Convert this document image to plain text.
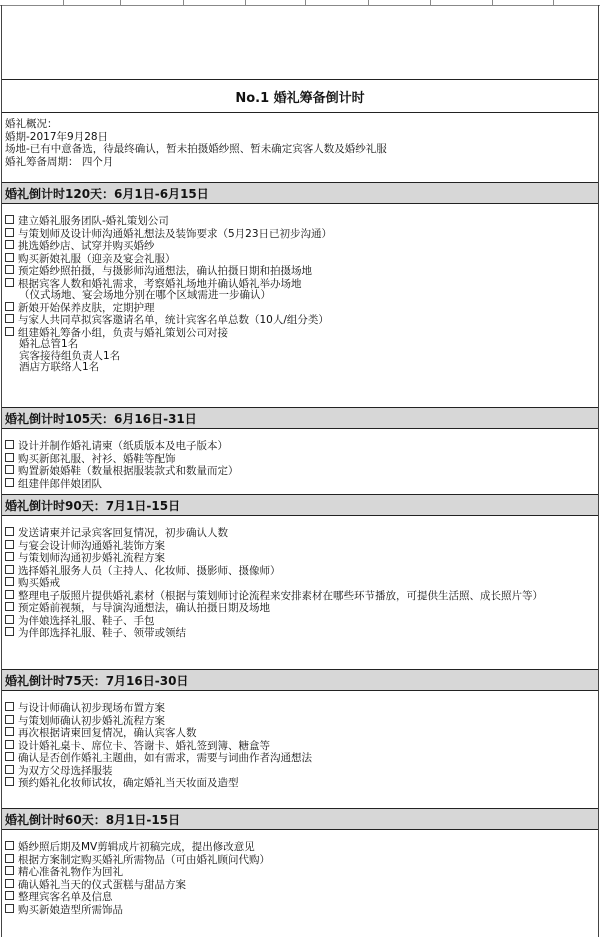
No.1 婚礼筹备倒计时
婚礼概况：
婚期-2017年9月28日
场地-已有中意备选，待最终确认，暂未拍摄婚纱照、暂未确定宾客人数及婚纱礼服
婚礼筹备周期： 四个月
婚礼倒计时120天：6月1日-6月15日
建立婚礼服务团队-婚礼策划公司
与策划师及设计师沟通婚礼想法及装饰要求（5月23日已初步沟通）
挑选婚纱店、试穿并购买婚纱
购买新娘礼服（迎亲及宴会礼服）
预定婚纱照拍摄，与摄影师沟通想法，确认拍摄日期和拍摄场地
根据宾客人数和婚礼需求，考察婚礼场地并确认婚礼举办场地
（仪式场地、宴会场地分别在哪个区域需进一步确认）
新娘开始保养皮肤，定期护理
与家人共同草拟宾客邀请名单，统计宾客名单总数（10人/组分类）
组建婚礼筹备小组，负责与婚礼策划公司对接
婚礼总管1名
宾客接待组负责人1名
酒店方联络人1名
婚礼倒计时105天：6月16日-31日
设计并制作婚礼请柬（纸质版本及电子版本）
购买新郎礼服、衬衫、婚鞋等配饰
购置新娘婚鞋（数量根据服装款式和数量而定）
组建伴郎伴娘团队
婚礼倒计时90天：7月1日-15日
发送请柬并记录宾客回复情况，初步确认人数
与宴会设计师沟通婚礼装饰方案
与策划师沟通初步婚礼流程方案
选择婚礼服务人员（主持人、化妆师、摄影师、摄像师）
购买婚戒
整理电子版照片提供婚礼素材（根据与策划师讨论流程来安排素材在哪些环节播放，可提供生活照、成长照片等）
预定婚前视频，与导演沟通想法，确认拍摄日期及场地
为伴娘选择礼服、鞋子、手包
为伴郎选择礼服、鞋子、领带或领结
婚礼倒计时75天：7月16日-30日
与设计师确认初步现场布置方案
与策划师确认初步婚礼流程方案
再次根据请柬回复情况，确认宾客人数
设计婚礼桌卡、席位卡、答谢卡、婚礼签到簿、糖盒等
确认是否创作婚礼主题曲，如有需求，需要与词曲作者沟通想法
为双方父母选择服装
预约婚礼化妆师试妆，确定婚礼当天妆面及造型
婚礼倒计时60天：8月1日-15日
婚纱照后期及MV剪辑成片初稿完成，提出修改意见
根据方案制定购买婚礼所需物品（可由婚礼顾问代购）
精心准备礼物作为回礼
确认婚礼当天的仪式蛋糕与甜品方案
整理宾客名单及信息
购买新娘造型所需饰品
